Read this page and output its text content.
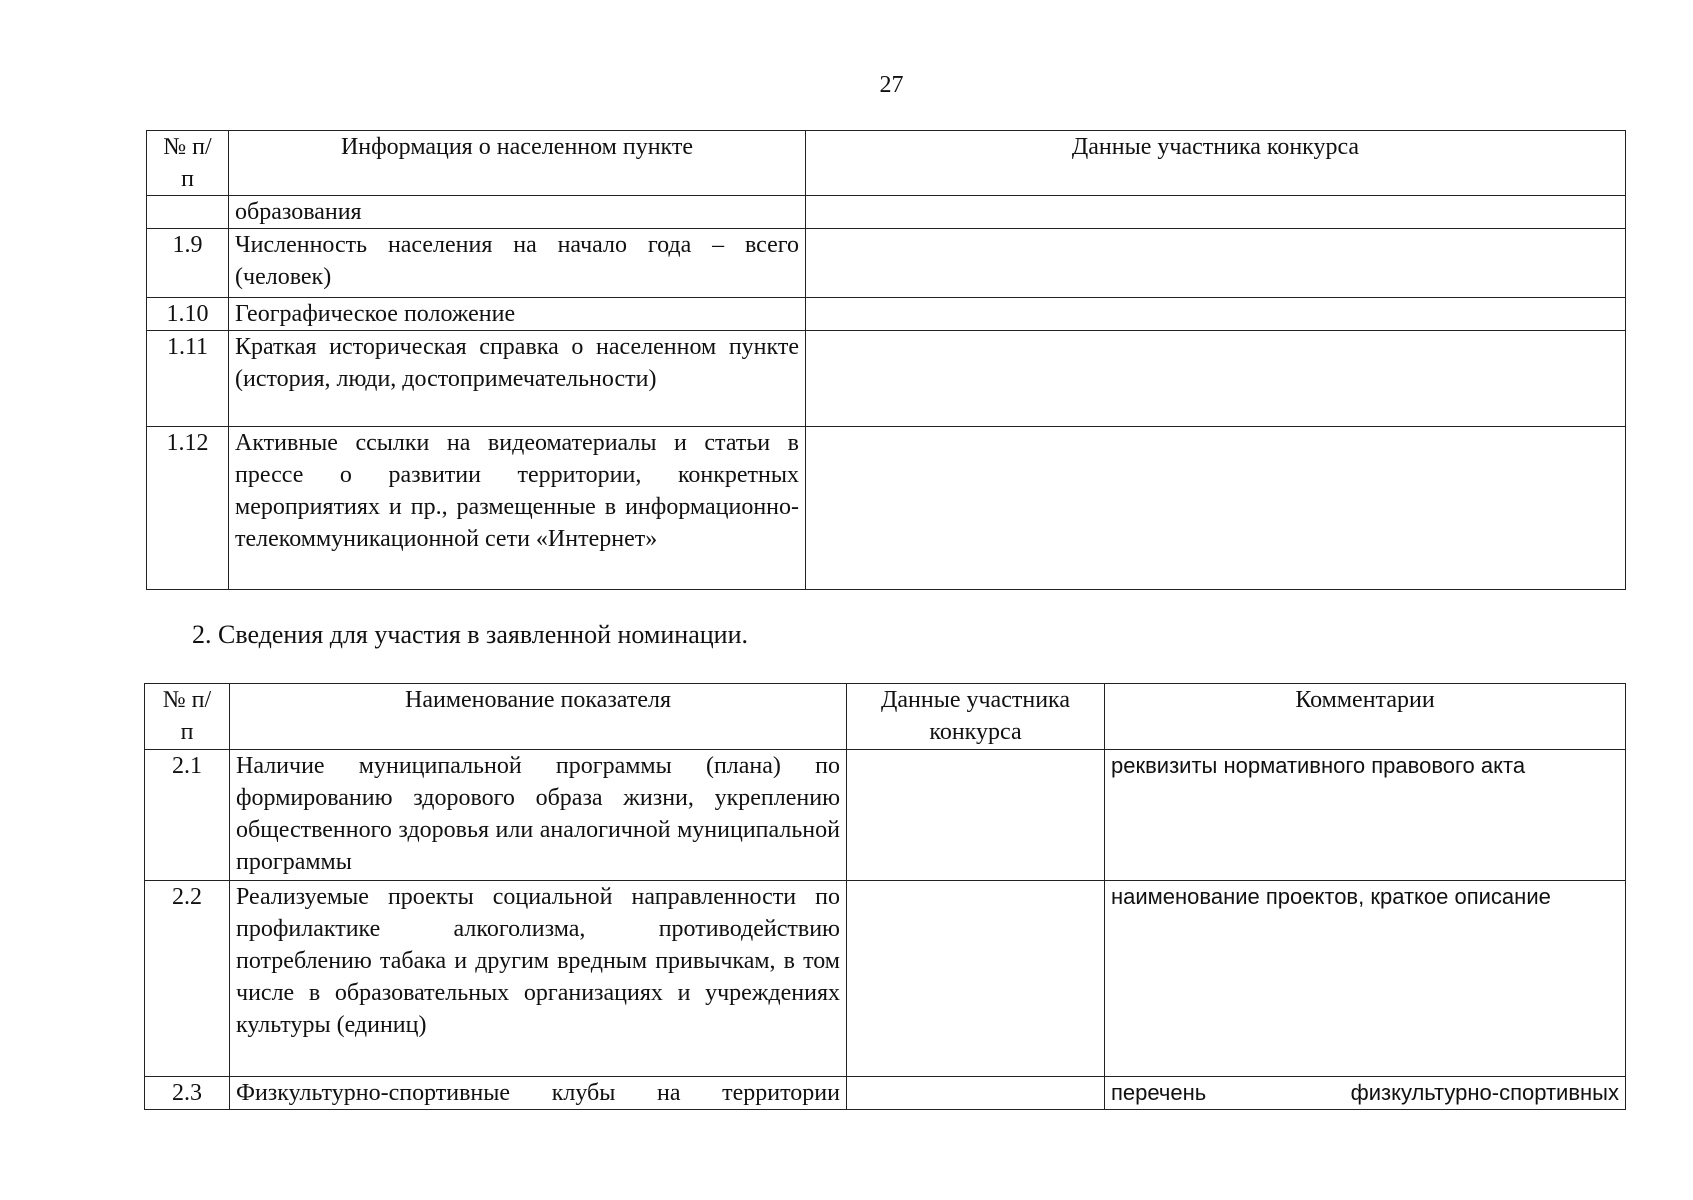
27
№ п/п	Информация о населенном пункте	Данные участника конкурса
	образования	
1.9	Численность населения на начало года – всего (человек)	
1.10	Географическое положение	
1.11	Краткая историческая справка о населенном пункте (история, люди, достопримечательности)	
1.12	Активные ссылки на видеоматериалы и статьи в прессе о развитии территории, конкретных мероприятиях и пр., размещенные в информационно-телекоммуникационной сети «Интернет»	
2. Сведения для участия в заявленной номинации.
№ п/п	Наименование показателя	Данные участника конкурса	Комментарии
2.1	Наличие муниципальной программы (плана) по формированию здорового образа жизни, укреплению общественного здоровья или аналогичной муниципальной программы		реквизиты нормативного правового акта
2.2	Реализуемые проекты социальной направленности по профилактике алкоголизма, противодействию потреблению табака и другим вредным привычкам, в том числе в образовательных организациях и учреждениях культуры (единиц)		наименование проектов, краткое описание
2.3	Физкультурно-спортивные клубы на территории		перечень физкультурно-спортивных
